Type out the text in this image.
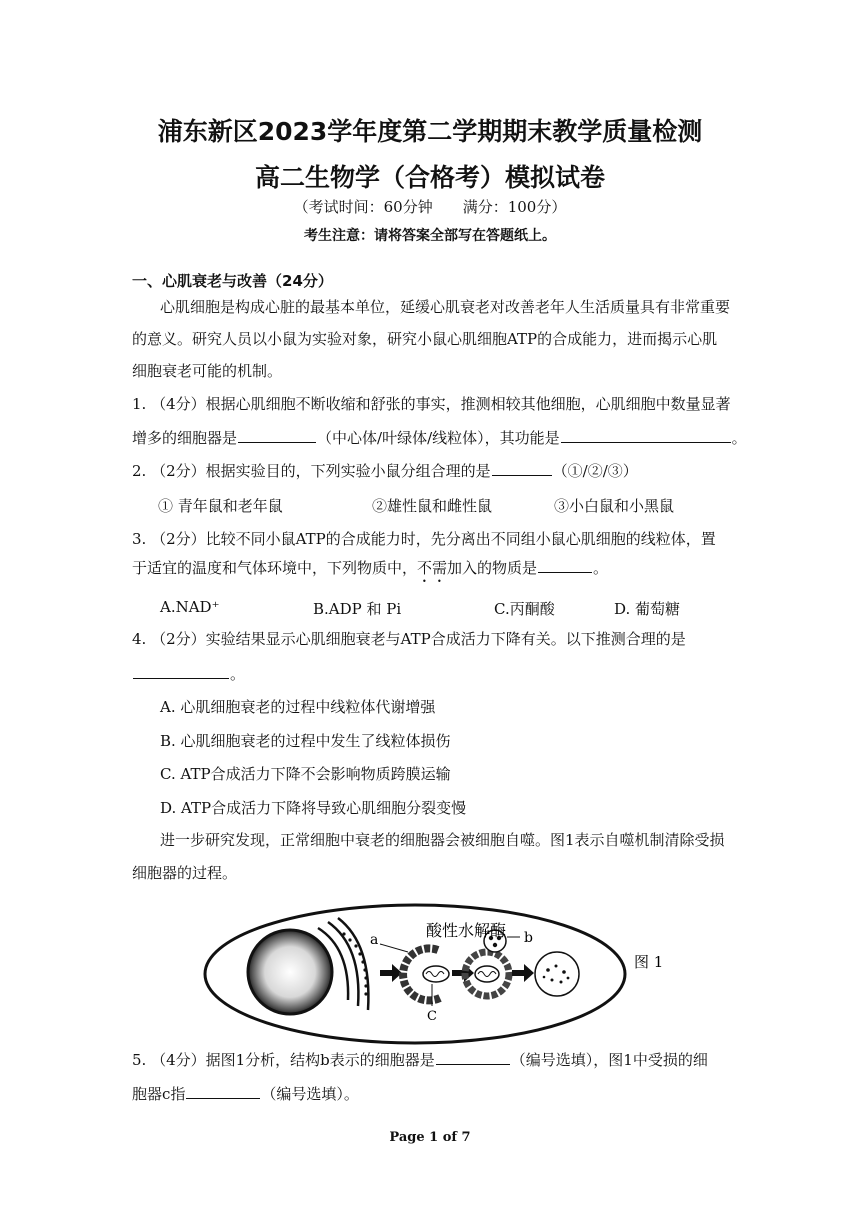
浦东新区2023学年度第二学期期末教学质量检测
高二生物学（合格考）模拟试卷
（考试时间：60分钟　　满分：100分）
考生注意：请将答案全部写在答题纸上。
一、心肌衰老与改善（24分）
心肌细胞是构成心脏的最基本单位，延缓心肌衰老对改善老年人生活质量具有非常重要
的意义。研究人员以小鼠为实验对象，研究小鼠心肌细胞ATP的合成能力，进而揭示心肌
细胞衰老可能的机制。
1. （4分）根据心肌细胞不断收缩和舒张的事实，推测相较其他细胞，心肌细胞中数量显著
增多的细胞器是	（中心体/叶绿体/线粒体），其功能是	。
2. （2分）根据实验目的，下列实验小鼠分组合理的是	（①/②/③）
① 青年鼠和老年鼠	②雄性鼠和雌性鼠	③小白鼠和小黑鼠
3. （2分）比较不同小鼠ATP的合成能力时，先分离出不同组小鼠心肌细胞的线粒体，置
于适宜的温度和气体环境中，下列物质中，不需加入的物质是	。
A.NAD⁺	B.ADP 和 Pi	C.丙酮酸	D. 葡萄糖
4. （2分）实验结果显示心肌细胞衰老与ATP合成活力下降有关。以下推测合理的是
。
A. 心肌细胞衰老的过程中线粒体代谢增强
B. 心肌细胞衰老的过程中发生了线粒体损伤
C. ATP合成活力下降不会影响物质跨膜运输
D. ATP合成活力下降将导致心肌细胞分裂变慢
进一步研究发现，正常细胞中衰老的细胞器会被细胞自噬。图1表示自噬机制清除受损
细胞器的过程。
酸性水解酶
a	b
C
图 1
5. （4分）据图1分析，结构b表示的细胞器是	（编号选填），图1中受损的细
胞器c指	（编号选填）。
Page 1 of 7
